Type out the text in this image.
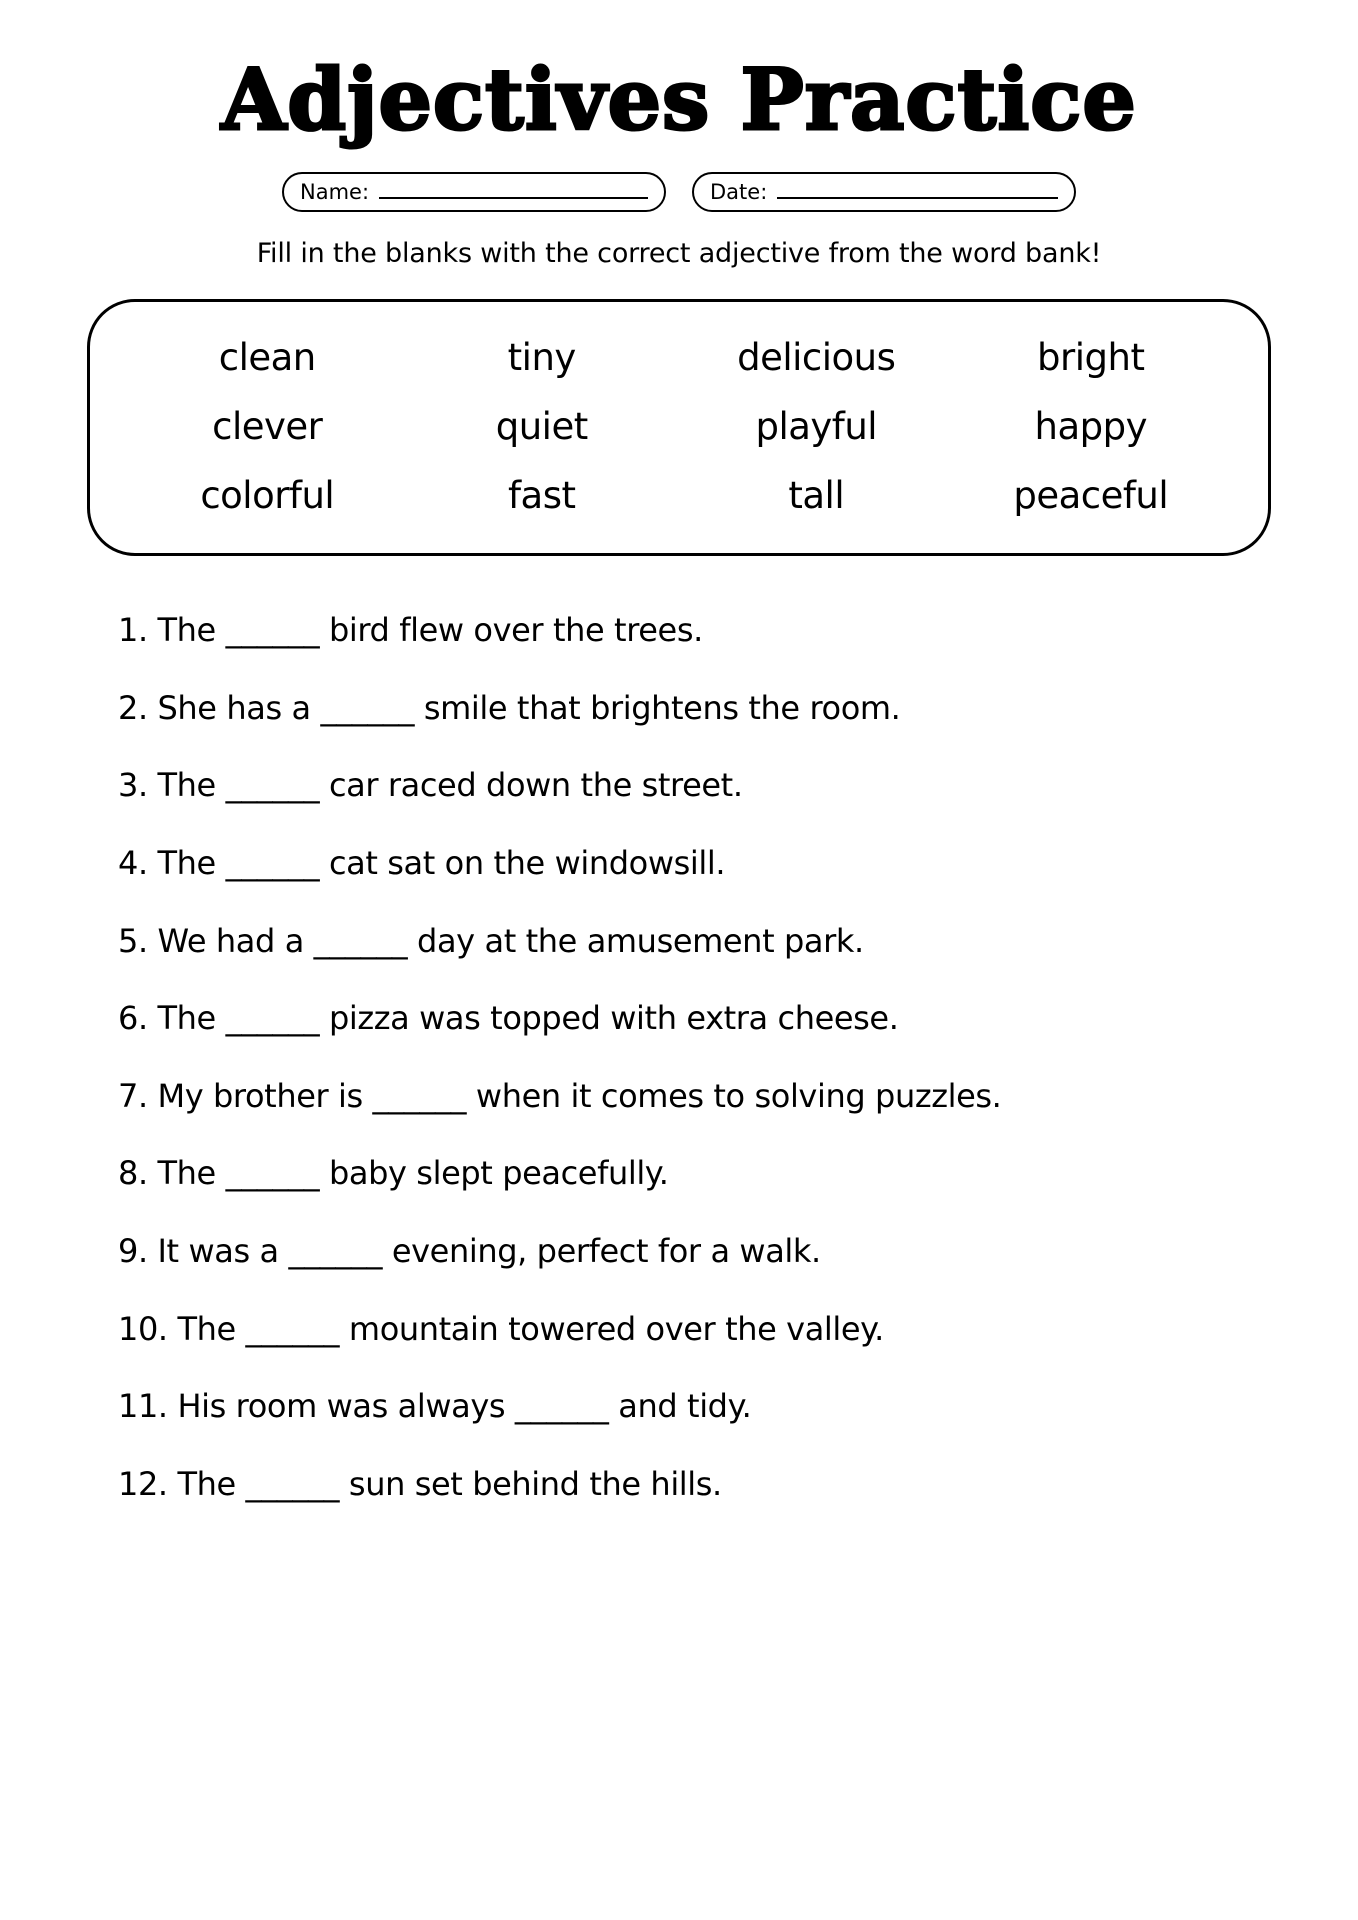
Adjectives Practice
Name:	Date:
Fill in the blanks with the correct adjective from the word bank!
clean	tiny	delicious	bright
clever	quiet	playful	happy
colorful	fast	tall	peaceful
1. The ______ bird flew over the trees.
2. She has a ______ smile that brightens the room.
3. The ______ car raced down the street.
4. The ______ cat sat on the windowsill.
5. We had a ______ day at the amusement park.
6. The ______ pizza was topped with extra cheese.
7. My brother is ______ when it comes to solving puzzles.
8. The ______ baby slept peacefully.
9. It was a ______ evening, perfect for a walk.
10. The ______ mountain towered over the valley.
11. His room was always ______ and tidy.
12. The ______ sun set behind the hills.
